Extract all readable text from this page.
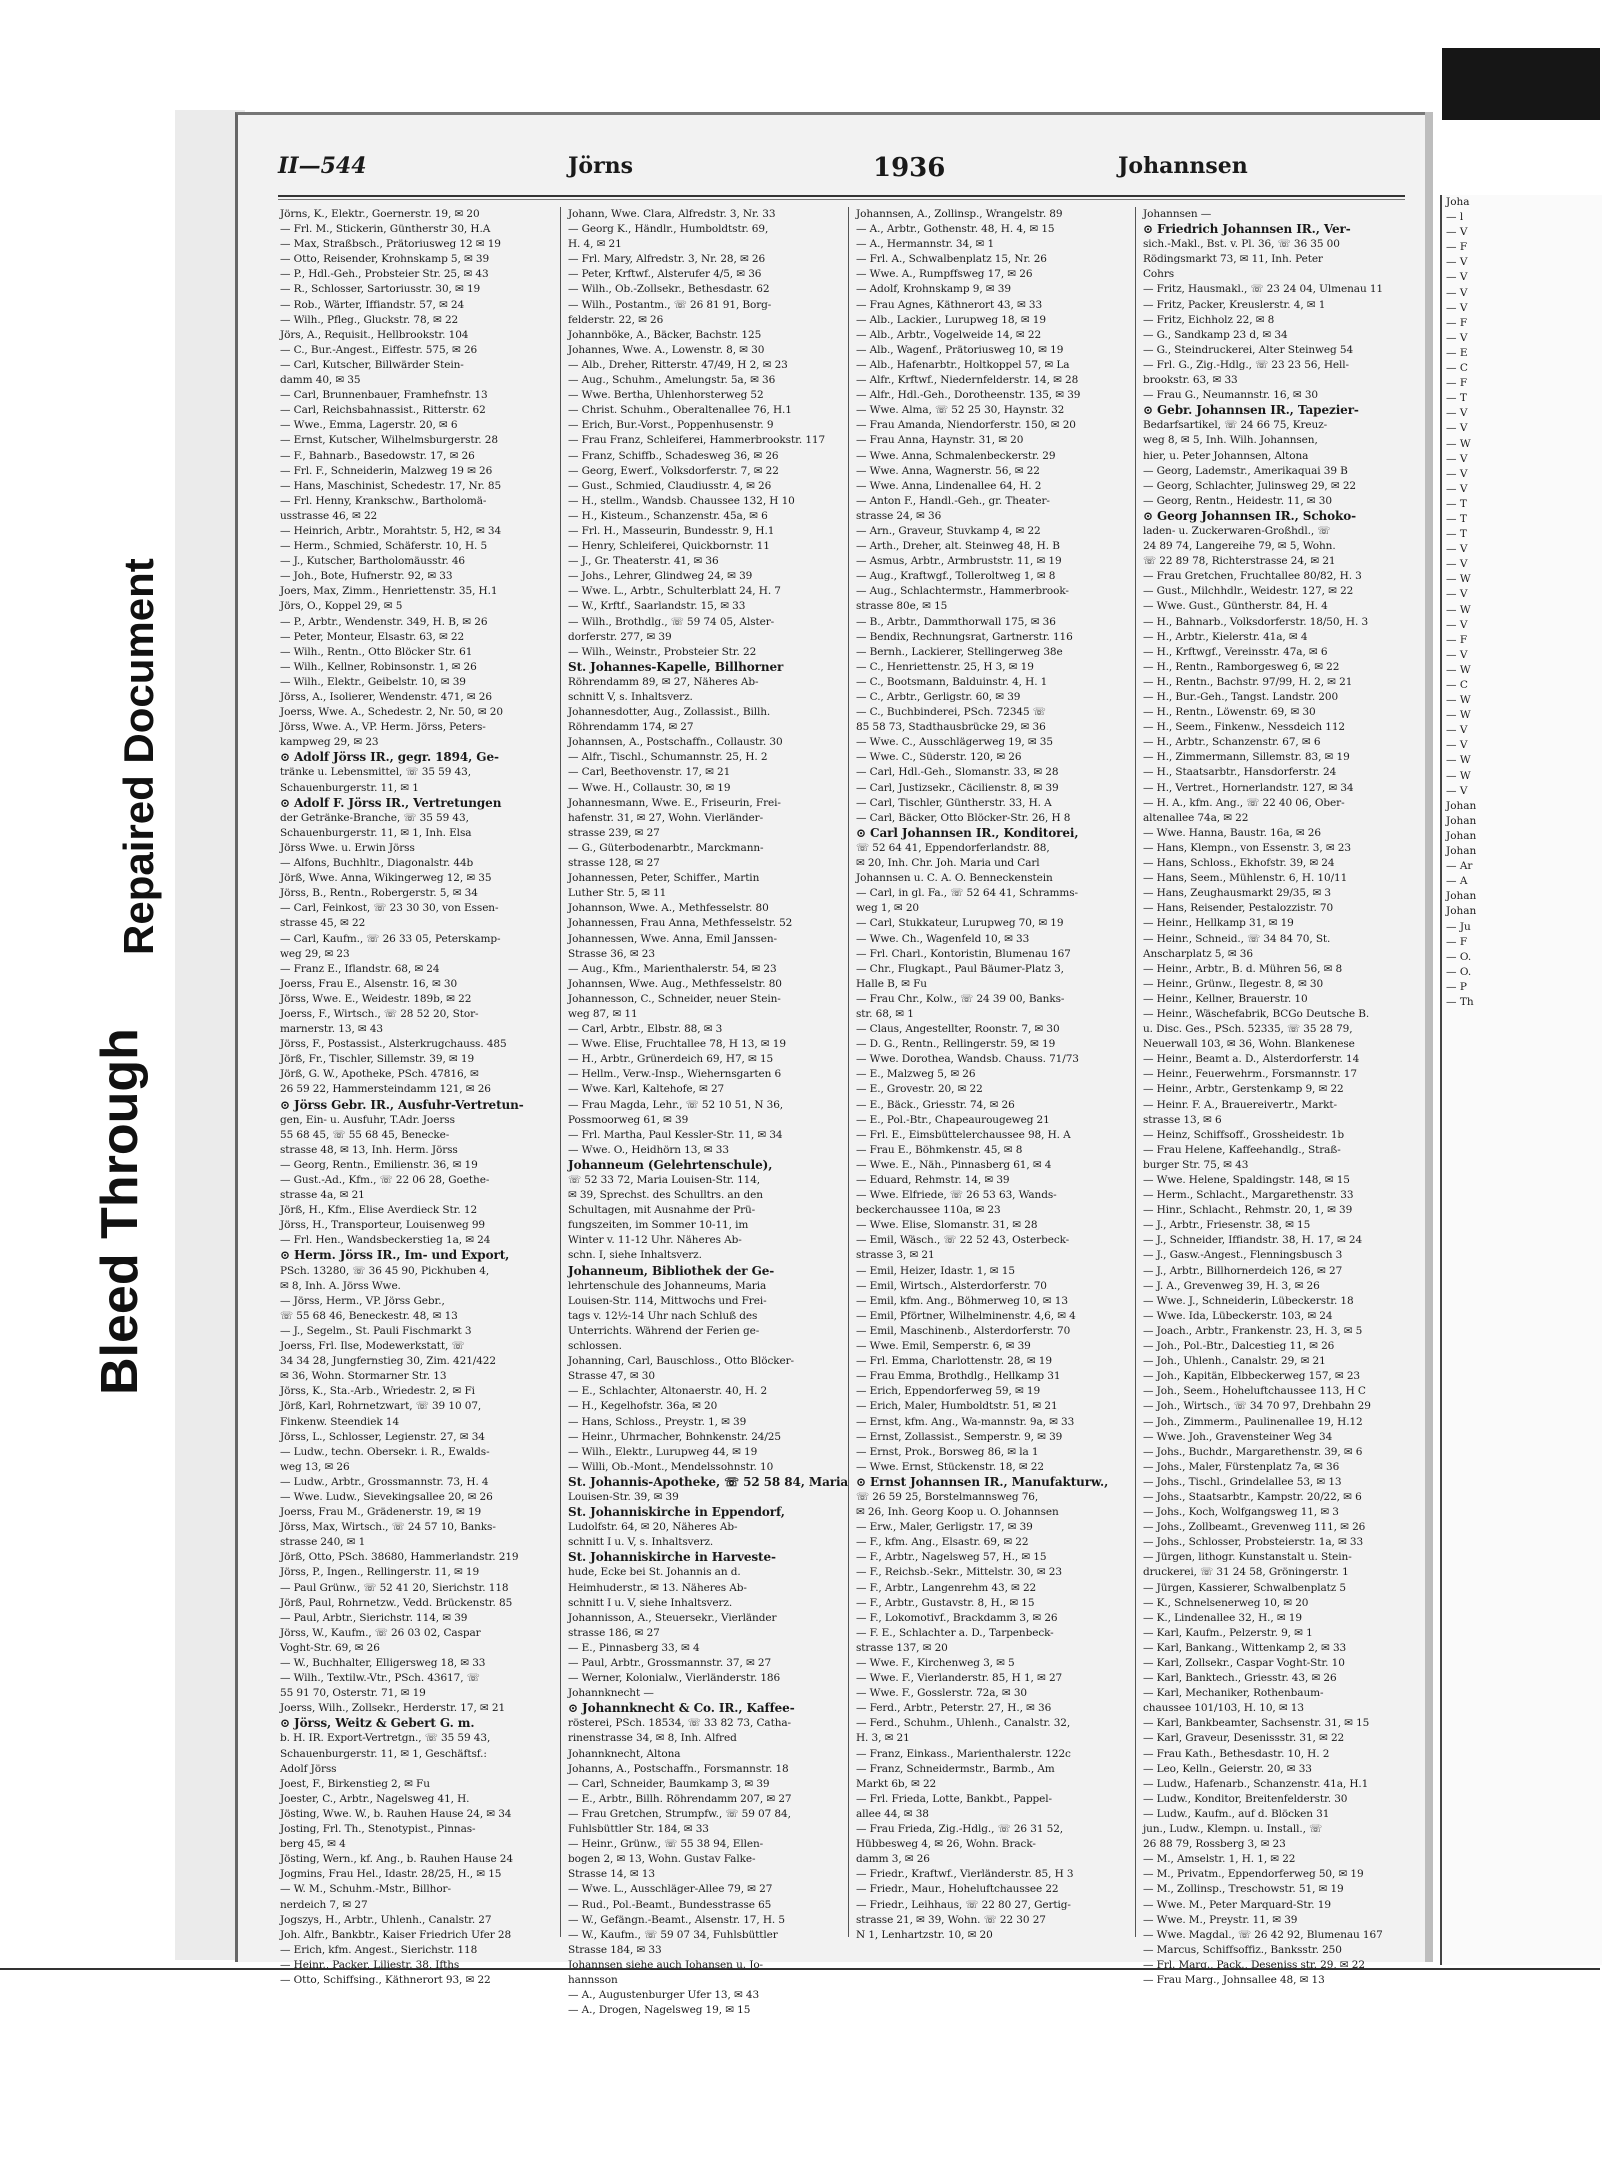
Bleed Through
Repaired Document
II—544	Jörns	1936	Johannsen

Jörns, K., Elektr., Goernerstr. 19, ✉ 20

— Frl. M., Stickerin, Güntherstr 30, H.A

— Max, Straßbsch., Prätoriusweg 12 ✉ 19

— Otto, Reisender, Krohnskamp 5, ✉ 39

— P., Hdl.-Geh., Probsteier Str. 25, ✉ 43

— R., Schlosser, Sartoriusstr. 30, ✉ 19

— Rob., Wärter, Iffiandstr. 57, ✉ 24

— Wilh., Pfleg., Gluckstr. 78, ✉ 22

Jörs, A., Requisit., Hellbrookstr. 104

— C., Bur.-Angest., Eiffestr. 575, ✉ 26

— Carl, Kutscher, Billwärder Stein-

damm 40, ✉ 35

— Carl, Brunnenbauer, Framhefnstr. 13

— Carl, Reichsbahnassist., Ritterstr. 62

— Wwe., Emma, Lagerstr. 20, ✉ 6

— Ernst, Kutscher, Wilhelmsburgerstr. 28

— F., Bahnarb., Basedowstr. 17, ✉ 26

— Frl. F., Schneiderin, Malzweg 19 ✉ 26

— Hans, Maschinist, Schedestr. 17, Nr. 85

— Frl. Henny, Krankschw., Bartholomä-

usstrasse 46, ✉ 22

— Heinrich, Arbtr., Morahtstr. 5, H2, ✉ 34

— Herm., Schmied, Schäferstr. 10, H. 5

— J., Kutscher, Bartholomäusstr. 46

— Joh., Bote, Hufnerstr. 92, ✉ 33

Joers, Max, Zimm., Henriettenstr. 35, H.1

Jörs, O., Koppel 29, ✉ 5

— P., Arbtr., Wendenstr. 349, H. B, ✉ 26

— Peter, Monteur, Elsastr. 63, ✉ 22

— Wilh., Rentn., Otto Blöcker Str. 61

— Wilh., Kellner, Robinsonstr. 1, ✉ 26

— Wilh., Elektr., Geibelstr. 10, ✉ 39

Jörss, A., Isolierer, Wendenstr. 471, ✉ 26

Joerss, Wwe. A., Schedestr. 2, Nr. 50, ✉ 20

Jörss, Wwe. A., VP. Herm. Jörss, Peters-

kampweg 29, ✉ 23

⊙ Adolf Jörss IR., gegr. 1894, Ge-

tränke u. Lebensmittel, ☏ 35 59 43,

Schauenburgerstr. 11, ✉ 1

⊙ Adolf F. Jörss IR., Vertretungen

der Getränke-Branche, ☏ 35 59 43,

Schauenburgerstr. 11, ✉ 1, Inh. Elsa

Jörss Wwe. u. Erwin Jörss

— Alfons, Buchhltr., Diagonalstr. 44b

Jörß, Wwe. Anna, Wikingerweg 12, ✉ 35

Jörss, B., Rentn., Robergerstr. 5, ✉ 34

— Carl, Feinkost, ☏ 23 30 30, von Essen-

strasse 45, ✉ 22

— Carl, Kaufm., ☏ 26 33 05, Peterskamp-

weg 29, ✉ 23

— Franz E., Iflandstr. 68, ✉ 24

Joerss, Frau E., Alsenstr. 16, ✉ 30

Jörss, Wwe. E., Weidestr. 189b, ✉ 22

Joerss, F., Wirtsch., ☏ 28 52 20, Stor-

marnerstr. 13, ✉ 43

Jörss, F., Postassist., Alsterkrugchauss. 485

Jörß, Fr., Tischler, Sillemstr. 39, ✉ 19

Jörß, G. W., Apotheke, PSch. 47816, ✉

26 59 22, Hammersteindamm 121, ✉ 26

⊙ Jörss Gebr. IR., Ausfuhr-Vertretun-

gen, Ein- u. Ausfuhr, T.Adr. Joerss

55 68 45, ☏ 55 68 45, Benecke-

strasse 48, ✉ 13, Inh. Herm. Jörss

— Georg, Rentn., Emilienstr. 36, ✉ 19

— Gust.-Ad., Kfm., ☏ 22 06 28, Goethe-

strasse 4a, ✉ 21

Jörß, H., Kfm., Elise Averdieck Str. 12

Jörss, H., Transporteur, Louisenweg 99

— Frl. Hen., Wandsbeckerstieg 1a, ✉ 24

⊙ Herm. Jörss IR., Im- und Export,

PSch. 13280, ☏ 36 45 90, Pickhuben 4,

✉ 8, Inh. A. Jörss Wwe.

— Jörss, Herm., VP. Jörss Gebr.,

☏ 55 68 46, Beneckestr. 48, ✉ 13

— J., Segelm., St. Pauli Fischmarkt 3

Joerss, Frl. Ilse, Modewerkstatt, ☏

34 34 28, Jungfernstieg 30, Zim. 421/422

✉ 36, Wohn. Stormarner Str. 13

Jörss, K., Sta.-Arb., Wriedestr. 2, ✉ Fi

Jörß, Karl, Rohrnetzwart, ☏ 39 10 07,

Finkenw. Steendiek 14

Jörss, L., Schlosser, Legienstr. 27, ✉ 34

— Ludw., techn. Obersekr. i. R., Ewalds-

weg 13, ✉ 26

— Ludw., Arbtr., Grossmannstr. 73, H. 4

— Wwe. Ludw., Sievekingsallee 20, ✉ 26

Joerss, Frau M., Grädenerstr. 19, ✉ 19

Jörss, Max, Wirtsch., ☏ 24 57 10, Banks-

strasse 240, ✉ 1

Jörß, Otto, PSch. 38680, Hammerlandstr. 219

Jörss, P., Ingen., Rellingerstr. 11, ✉ 19

— Paul Grünw., ☏ 52 41 20, Sierichstr. 118

Jörß, Paul, Rohrnetzw., Vedd. Brückenstr. 85

— Paul, Arbtr., Sierichstr. 114, ✉ 39

Jörss, W., Kaufm., ☏ 26 03 02, Caspar

Voght-Str. 69, ✉ 26

— W., Buchhalter, Elligersweg 18, ✉ 33

— Wilh., Textilw.-Vtr., PSch. 43617, ☏

55 91 70, Osterstr. 71, ✉ 19

Joerss, Wilh., Zollsekr., Herderstr. 17, ✉ 21

⊙ Jörss, Weitz & Gebert G. m.

b. H. IR. Export-Vertretgn., ☏ 35 59 43,

Schauenburgerstr. 11, ✉ 1, Geschäftsf.:

Adolf Jörss

Joest, F., Birkenstieg 2, ✉ Fu

Joester, C., Arbtr., Nagelsweg 41, H.

Jösting, Wwe. W., b. Rauhen Hause 24, ✉ 34

Josting, Frl. Th., Stenotypist., Pinnas-

berg 45, ✉ 4

Jösting, Wern., kf. Ang., b. Rauhen Hause 24

Jogmins, Frau Hel., Idastr. 28/25, H., ✉ 15

— W. M., Schuhm.-Mstr., Billhor-

nerdeich 7, ✉ 27

Jogszys, H., Arbtr., Uhlenh., Canalstr. 27

Joh. Alfr., Bankbtr., Kaiser Friedrich Ufer 28

— Erich, kfm. Angest., Sierichstr. 118

— Heinr., Packer, Liliestr. 38, Ifths

— Otto, Schiffsing., Käthnerort 93, ✉ 22

Johann, Wwe. Clara, Alfredstr. 3, Nr. 33

— Georg K., Händlr., Humboldtstr. 69,

H. 4, ✉ 21

— Frl. Mary, Alfredstr. 3, Nr. 28, ✉ 26

— Peter, Krftwf., Alsterufer 4/5, ✉ 36

— Wilh., Ob.-Zollsekr., Bethesdastr. 62

— Wilh., Postantm., ☏ 26 81 91, Borg-

felderstr. 22, ✉ 26

Johannböke, A., Bäcker, Bachstr. 125

Johannes, Wwe. A., Lowenstr. 8, ✉ 30

— Alb., Dreher, Ritterstr. 47/49, H 2, ✉ 23

— Aug., Schuhm., Amelungstr. 5a, ✉ 36

— Wwe. Bertha, Uhlenhorsterweg 52

— Christ. Schuhm., Oberaltenallee 76, H.1

— Erich, Bur.-Vorst., Poppenhusenstr. 9

— Frau Franz, Schleiferei, Hammerbrookstr. 117

— Franz, Schiffb., Schadesweg 36, ✉ 26

— Georg, Ewerf., Volksdorferstr. 7, ✉ 22

— Gust., Schmied, Claudiusstr. 4, ✉ 26

— H., stellm., Wandsb. Chaussee 132, H 10

— H., Kisteum., Schanzenstr. 45a, ✉ 6

— Frl. H., Masseurin, Bundesstr. 9, H.1

— Henry, Schleiferei, Quickbornstr. 11

— J., Gr. Theaterstr. 41, ✉ 36

— Johs., Lehrer, Glindweg 24, ✉ 39

— Wwe. L., Arbtr., Schulterblatt 24, H. 7

— W., Krftf., Saarlandstr. 15, ✉ 33

— Wilh., Brothdlg., ☏ 59 74 05, Alster-

dorferstr. 277, ✉ 39

— Wilh., Weinstr., Probsteier Str. 22

St. Johannes-Kapelle, Billhorner

Röhrendamm 89, ✉ 27, Näheres Ab-

schnitt V, s. Inhaltsverz.

Johannesdotter, Aug., Zollassist., Billh.

Röhrendamm 174, ✉ 27

Johannsen, A., Postschaffn., Collaustr. 30

— Alfr., Tischl., Schumannstr. 25, H. 2

— Carl, Beethovenstr. 17, ✉ 21

— Wwe. H., Collaustr. 30, ✉ 19

Johannesmann, Wwe. E., Friseurin, Frei-

hafenstr. 31, ✉ 27, Wohn. Vierländer-

strasse 239, ✉ 27

— G., Güterbodenarbtr., Marckmann-

strasse 128, ✉ 27

Johannessen, Peter, Schiffer., Martin

Luther Str. 5, ✉ 11

Johannson, Wwe. A., Methfesselstr. 80

Johannessen, Frau Anna, Methfesselstr. 52

Johannessen, Wwe. Anna, Emil Janssen-

Strasse 36, ✉ 23

— Aug., Kfm., Marienthalerstr. 54, ✉ 23

Johannsen, Wwe. Aug., Methfesselstr. 80

Johannesson, C., Schneider, neuer Stein-

weg 87, ✉ 11

— Carl, Arbtr., Elbstr. 88, ✉ 3

— Wwe. Elise, Fruchtallee 78, H 13, ✉ 19

— H., Arbtr., Grünerdeich 69, H7, ✉ 15

— Hellm., Verw.-Insp., Wiehernsgarten 6

— Wwe. Karl, Kaltehofe, ✉ 27

— Frau Magda, Lehr., ☏ 52 10 51, N 36,

Possmoorweg 61, ✉ 39

— Frl. Martha, Paul Kessler-Str. 11, ✉ 34

— Wwe. O., Heidhörn 13, ✉ 33

Johanneum (Gelehrtenschule),

☏ 52 33 72, Maria Louisen-Str. 114,

✉ 39, Sprechst. des Schulltrs. an den

Schultagen, mit Ausnahme der Prü-

fungszeiten, im Sommer 10-11, im

Winter v. 11-12 Uhr. Näheres Ab-

schn. I, siehe Inhaltsverz.

Johanneum, Bibliothek der Ge-

lehrtenschule des Johanneums, Maria

Louisen-Str. 114, Mittwochs und Frei-

tags v. 12½-14 Uhr nach Schluß des

Unterrichts. Während der Ferien ge-

schlossen.

Johanning, Carl, Bauschloss., Otto Blöcker-

Strasse 47, ✉ 30

— E., Schlachter, Altonaerstr. 40, H. 2

— H., Kegelhofstr. 36a, ✉ 20

— Hans, Schloss., Preystr. 1, ✉ 39

— Heinr., Uhrmacher, Bohnkenstr. 24/25

— Wilh., Elektr., Lurupweg 44, ✉ 19

— Willi, Ob.-Mont., Mendelssohnstr. 10

St. Johannis-Apotheke, ☏ 52 58 84, Maria

Louisen-Str. 39, ✉ 39

St. Johanniskirche in Eppendorf,

Ludolfstr. 64, ✉ 20, Näheres Ab-

schnitt I u. V, s. Inhaltsverz.

St. Johanniskirche in Harveste-

hude, Ecke bei St. Johannis an d.

Heimhuderstr., ✉ 13. Näheres Ab-

schnitt I u. V, siehe Inhaltsverz.

Johannisson, A., Steuersekr., Vierländer

strasse 186, ✉ 27

— E., Pinnasberg 33, ✉ 4

— Paul, Arbtr., Grossmannstr. 37, ✉ 27

— Werner, Kolonialw., Vierländerstr. 186

Johannknecht —

⊙ Johannknecht & Co. IR., Kaffee-

rösterei, PSch. 18534, ☏ 33 82 73, Catha-

rinenstrasse 34, ✉ 8, Inh. Alfred

Johannknecht, Altona

Johanns, A., Postschaffn., Forsmannstr. 18

— Carl, Schneider, Baumkamp 3, ✉ 39

— E., Arbtr., Billh. Röhrendamm 207, ✉ 27

— Frau Gretchen, Strumpfw., ☏ 59 07 84,

Fuhlsbüttler Str. 184, ✉ 33

— Heinr., Grünw., ☏ 55 38 94, Ellen-

bogen 2, ✉ 13, Wohn. Gustav Falke-

Strasse 14, ✉ 13

— Wwe. L., Ausschläger-Allee 79, ✉ 27

— Rud., Pol.-Beamt., Bundesstrasse 65

— W., Gefängn.-Beamt., Alsenstr. 17, H. 5

— W., Kaufm., ☏ 59 07 34, Fuhlsbüttler

Strasse 184, ✉ 33

Johannsen siehe auch Johansen u. Jo-

hannsson

— A., Augustenburger Ufer 13, ✉ 43

— A., Drogen, Nagelsweg 19, ✉ 15

Johannsen, A., Zollinsp., Wrangelstr. 89

— A., Arbtr., Gothenstr. 48, H. 4, ✉ 15

— A., Hermannstr. 34, ✉ 1

— Frl. A., Schwalbenplatz 15, Nr. 26

— Wwe. A., Rumpffsweg 17, ✉ 26

— Adolf, Krohnskamp 9, ✉ 39

— Frau Agnes, Käthnerort 43, ✉ 33

— Alb., Lackier., Lurupweg 18, ✉ 19

— Alb., Arbtr., Vogelweide 14, ✉ 22

— Alb., Wagenf., Prätoriusweg 10, ✉ 19

— Alb., Hafenarbtr., Holtkoppel 57, ✉ La

— Alfr., Krftwf., Niedernfelderstr. 14, ✉ 28

— Alfr., Hdl.-Geh., Dorotheenstr. 135, ✉ 39

— Wwe. Alma, ☏ 52 25 30, Haynstr. 32

— Frau Amanda, Niendorferstr. 150, ✉ 20

— Frau Anna, Haynstr. 31, ✉ 20

— Wwe. Anna, Schmalenbeckerstr. 29

— Wwe. Anna, Wagnerstr. 56, ✉ 22

— Wwe. Anna, Lindenallee 64, H. 2

— Anton F., Handl.-Geh., gr. Theater-

strasse 24, ✉ 36

— Arn., Graveur, Stuvkamp 4, ✉ 22

— Arth., Dreher, alt. Steinweg 48, H. B

— Asmus, Arbtr., Armbruststr. 11, ✉ 19

— Aug., Kraftwgf., Tolleroltweg 1, ✉ 8

— Aug., Schlachtermstr., Hammerbrook-

strasse 80e, ✉ 15

— B., Arbtr., Dammthorwall 175, ✉ 36

— Bendix, Rechnungsrat, Gartnerstr. 116

— Bernh., Lackierer, Stellingerweg 38e

— C., Henriettenstr. 25, H 3, ✉ 19

— C., Bootsmann, Balduinstr. 4, H. 1

— C., Arbtr., Gerligstr. 60, ✉ 39

— C., Buchbinderei, PSch. 72345 ☏

85 58 73, Stadthausbrücke 29, ✉ 36

— Wwe. C., Ausschlägerweg 19, ✉ 35

— Wwe. C., Süderstr. 120, ✉ 26

— Carl, Hdl.-Geh., Slomanstr. 33, ✉ 28

— Carl, Justizsekr., Cäcilienstr. 8, ✉ 39

— Carl, Tischler, Güntherstr. 33, H. A

— Carl, Bäcker, Otto Blöcker-Str. 26, H 8

⊙ Carl Johannsen IR., Konditorei,

☏ 52 64 41, Eppendorferlandstr. 88,

✉ 20, Inh. Chr. Joh. Maria und Carl

Johannsen u. C. A. O. Benneckenstein

— Carl, in gl. Fa., ☏ 52 64 41, Schramms-

weg 1, ✉ 20

— Carl, Stukkateur, Lurupweg 70, ✉ 19

— Wwe. Ch., Wagenfeld 10, ✉ 33

— Frl. Charl., Kontoristin, Blumenau 167

— Chr., Flugkapt., Paul Bäumer-Platz 3,

Halle B, ✉ Fu

— Frau Chr., Kolw., ☏ 24 39 00, Banks-

str. 68, ✉ 1

— Claus, Angestellter, Roonstr. 7, ✉ 30

— D. G., Rentn., Rellingerstr. 59, ✉ 19

— Wwe. Dorothea, Wandsb. Chauss. 71/73

— E., Malzweg 5, ✉ 26

— E., Grovestr. 20, ✉ 22

— E., Bäck., Griesstr. 74, ✉ 26

— E., Pol.-Btr., Chapeaurougeweg 21

— Frl. E., Eimsbüttelerchaussee 98, H. A

— Frau E., Böhmkenstr. 45, ✉ 8

— Wwe. E., Näh., Pinnasberg 61, ✉ 4

— Eduard, Rehmstr. 14, ✉ 39

— Wwe. Elfriede, ☏ 26 53 63, Wands-

beckerchaussee 110a, ✉ 23

— Wwe. Elise, Slomanstr. 31, ✉ 28

— Emil, Wäsch., ☏ 22 52 43, Osterbeck-

strasse 3, ✉ 21

— Emil, Heizer, Idastr. 1, ✉ 15

— Emil, Wirtsch., Alsterdorferstr. 70

— Emil, kfm. Ang., Böhmerweg 10, ✉ 13

— Emil, Pförtner, Wilhelminenstr. 4,6, ✉ 4

— Emil, Maschinenb., Alsterdorferstr. 70

— Wwe. Emil, Semperstr. 6, ✉ 39

— Frl. Emma, Charlottenstr. 28, ✉ 19

— Frau Emma, Brothdlg., Hellkamp 31

— Erich, Eppendorferweg 59, ✉ 19

— Erich, Maler, Humboldtstr. 51, ✉ 21

— Ernst, kfm. Ang., Wa-mannstr. 9a, ✉ 33

— Ernst, Zollassist., Semperstr. 9, ✉ 39

— Ernst, Prok., Borsweg 86, ✉ la 1

— Wwe. Ernst, Stückenstr. 18, ✉ 22

⊙ Ernst Johannsen IR., Manufakturw.,

☏ 26 59 25, Borstelmannsweg 76,

✉ 26, Inh. Georg Koop u. O. Johannsen

— Erw., Maler, Gerligstr. 17, ✉ 39

— F., kfm. Ang., Elsastr. 69, ✉ 22

— F., Arbtr., Nagelsweg 57, H., ✉ 15

— F., Reichsb.-Sekr., Mittelstr. 30, ✉ 23

— F., Arbtr., Langenrehm 43, ✉ 22

— F., Arbtr., Gustavstr. 8, H., ✉ 15

— F., Lokomotivf., Brackdamm 3, ✉ 26

— F. E., Schlachter a. D., Tarpenbeck-

strasse 137, ✉ 20

— Wwe. F., Kirchenweg 3, ✉ 5

— Wwe. F., Vierlanderstr. 85, H 1, ✉ 27

— Wwe. F., Gosslerstr. 72a, ✉ 30

— Ferd., Arbtr., Peterstr. 27, H., ✉ 36

— Ferd., Schuhm., Uhlenh., Canalstr. 32,

H. 3, ✉ 21

— Franz, Einkass., Marienthalerstr. 122c

— Franz, Schneidermstr., Barmb., Am

Markt 6b, ✉ 22

— Frl. Frieda, Lotte, Bankbt., Pappel-

allee 44, ✉ 38

— Frau Frieda, Zig.-Hdlg., ☏ 26 31 52,

Hübbesweg 4, ✉ 26, Wohn. Brack-

damm 3, ✉ 26

— Friedr., Kraftwf., Vierländerstr. 85, H 3

— Friedr., Maur., Hoheluftchaussee 22

— Friedr., Leihhaus, ☏ 22 80 27, Gertig-

strasse 21, ✉ 39, Wohn. ☏ 22 30 27

N 1, Lenhartzstr. 10, ✉ 20

Johannsen —

⊙ Friedrich Johannsen IR., Ver-

sich.-Makl., Bst. v. Pl. 36, ☏ 36 35 00

Rödingsmarkt 73, ✉ 11, Inh. Peter

Cohrs

— Fritz, Hausmakl., ☏ 23 24 04, Ulmenau 11

— Fritz, Packer, Kreuslerstr. 4, ✉ 1

— Fritz, Eichholz 22, ✉ 8

— G., Sandkamp 23 d, ✉ 34

— G., Steindruckerei, Alter Steinweg 54

— Frl. G., Zig.-Hdlg., ☏ 23 23 56, Hell-

brookstr. 63, ✉ 33

— Frau G., Neumannstr. 16, ✉ 30

⊙ Gebr. Johannsen IR., Tapezier-

Bedarfsartikel, ☏ 24 66 75, Kreuz-

weg 8, ✉ 5, Inh. Wilh. Johannsen,

hier, u. Peter Johannsen, Altona

— Georg, Lademstr., Amerikaquai 39 B

— Georg, Schlachter, Julinsweg 29, ✉ 22

— Georg, Rentn., Heidestr. 11, ✉ 30

⊙ Georg Johannsen IR., Schoko-

laden- u. Zuckerwaren-Großhdl., ☏

24 89 74, Langereihe 79, ✉ 5, Wohn.

☏ 22 89 78, Richterstrasse 24, ✉ 21

— Frau Gretchen, Fruchtallee 80/82, H. 3

— Gust., Milchhdlr., Weidestr. 127, ✉ 22

— Wwe. Gust., Güntherstr. 84, H. 4

— H., Bahnarb., Volksdorferstr. 18/50, H. 3

— H., Arbtr., Kielerstr. 41a, ✉ 4

— H., Krftwgf., Vereinsstr. 47a, ✉ 6

— H., Rentn., Ramborgesweg 6, ✉ 22

— H., Rentn., Bachstr. 97/99, H. 2, ✉ 21

— H., Bur.-Geh., Tangst. Landstr. 200

— H., Rentn., Löwenstr. 69, ✉ 30

— H., Seem., Finkenw., Nessdeich 112

— H., Arbtr., Schanzenstr. 67, ✉ 6

— H., Zimmermann, Sillemstr. 83, ✉ 19

— H., Staatsarbtr., Hansdorferstr. 24

— H., Vertret., Hornerlandstr. 127, ✉ 34

— H. A., kfm. Ang., ☏ 22 40 06, Ober-

altenallee 74a, ✉ 22

— Wwe. Hanna, Baustr. 16a, ✉ 26

— Hans, Klempn., von Essenstr. 3, ✉ 23

— Hans, Schloss., Ekhofstr. 39, ✉ 24

— Hans, Seem., Mühlenstr. 6, H. 10/11

— Hans, Zeughausmarkt 29/35, ✉ 3

— Hans, Reisender, Pestalozzistr. 70

— Heinr., Hellkamp 31, ✉ 19

— Heinr., Schneid., ☏ 34 84 70, St.

Anscharplatz 5, ✉ 36

— Heinr., Arbtr., B. d. Mühren 56, ✉ 8

— Heinr., Grünw., Ilegestr. 8, ✉ 30

— Heinr., Kellner, Brauerstr. 10

— Heinr., Wäschefabrik, BCGo Deutsche B.

u. Disc. Ges., PSch. 52335, ☏ 35 28 79,

Neuerwall 103, ✉ 36, Wohn. Blankenese

— Heinr., Beamt a. D., Alsterdorferstr. 14

— Heinr., Feuerwehrm., Forsmannstr. 17

— Heinr., Arbtr., Gerstenkamp 9, ✉ 22

— Heinr. F. A., Brauereivertr., Markt-

strasse 13, ✉ 6

— Heinz, Schiffsoff., Grossheidestr. 1b

— Frau Helene, Kaffeehandlg., Straß-

burger Str. 75, ✉ 43

— Wwe. Helene, Spaldingstr. 148, ✉ 15

— Herm., Schlacht., Margarethenstr. 33

— Hinr., Schlacht., Rehmstr. 20, 1, ✉ 39

— J., Arbtr., Friesenstr. 38, ✉ 15

— J., Schneider, Iffiandstr. 38, H. 17, ✉ 24

— J., Gasw.-Angest., Flenningsbusch 3

— J., Arbtr., Billhornerdeich 126, ✉ 27

— J. A., Grevenweg 39, H. 3, ✉ 26

— Wwe. J., Schneiderin, Lübeckerstr. 18

— Wwe. Ida, Lübeckerstr. 103, ✉ 24

— Joach., Arbtr., Frankenstr. 23, H. 3, ✉ 5

— Joh., Pol.-Btr., Dalcestieg 11, ✉ 26

— Joh., Uhlenh., Canalstr. 29, ✉ 21

— Joh., Kapitän, Elbbeckerweg 157, ✉ 23

— Joh., Seem., Hoheluftchaussee 113, H C

— Joh., Wirtsch., ☏ 34 70 97, Drehbahn 29

— Joh., Zimmerm., Paulinenallee 19, H.12

— Wwe. Joh., Gravensteiner Weg 34

— Johs., Buchdr., Margarethenstr. 39, ✉ 6

— Johs., Maler, Fürstenplatz 7a, ✉ 36

— Johs., Tischl., Grindelallee 53, ✉ 13

— Johs., Staatsarbtr., Kampstr. 20/22, ✉ 6

— Johs., Koch, Wolfgangsweg 11, ✉ 3

— Johs., Zollbeamt., Grevenweg 111, ✉ 26

— Johs., Schlosser, Probsteierstr. 1a, ✉ 33

— Jürgen, lithogr. Kunstanstalt u. Stein-

druckerei, ☏ 31 24 58, Gröningerstr. 1

— Jürgen, Kassierer, Schwalbenplatz 5

— K., Schnelsenerweg 10, ✉ 20

— K., Lindenallee 32, H., ✉ 19

— Karl, Kaufm., Pelzerstr. 9, ✉ 1

— Karl, Bankang., Wittenkamp 2, ✉ 33

— Karl, Zollsekr., Caspar Voght-Str. 10

— Karl, Banktech., Griesstr. 43, ✉ 26

— Karl, Mechaniker, Rothenbaum-

chaussee 101/103, H. 10, ✉ 13

— Karl, Bankbeamter, Sachsenstr. 31, ✉ 15

— Karl, Graveur, Desenissstr. 31, ✉ 22

— Frau Kath., Bethesdastr. 10, H. 2

— Leo, Kelln., Geierstr. 20, ✉ 33

— Ludw., Hafenarb., Schanzenstr. 41a, H.1

— Ludw., Konditor, Breitenfelderstr. 30

— Ludw., Kaufm., auf d. Blöcken 31

jun., Ludw., Klempn. u. Install., ☏

26 88 79, Rossberg 3, ✉ 23

— M., Amselstr. 1, H. 1, ✉ 22

— M., Privatm., Eppendorferweg 50, ✉ 19

— M., Zollinsp., Treschowstr. 51, ✉ 19

— Wwe. M., Peter Marquard-Str. 19

— Wwe. M., Preystr. 11, ✉ 39

— Wwe. Magdal., ☏ 26 42 92, Blumenau 167

— Marcus, Schiffsoffiz., Banksstr. 250

— Frl. Marg., Pack., Deseniss str. 29, ✉ 22

— Frau Marg., Johnsallee 48, ✉ 13

Joha
— l
— V
— F
— V
— V
— V
— V
— F
— V
— E
— C
— F
— T
— V
— V
— W
— V
— V
— V
— T
— T
— T
— V
— V
— W
— V
— W
— V
— F
— V
— W
— C
— W
— W
— V
— V
— W
— W
— V
Johan
Johan
Johan
Johan
— Ar
— A
Johan
Johan
— Ju
— F
— O.
— O.
— P
— Th
